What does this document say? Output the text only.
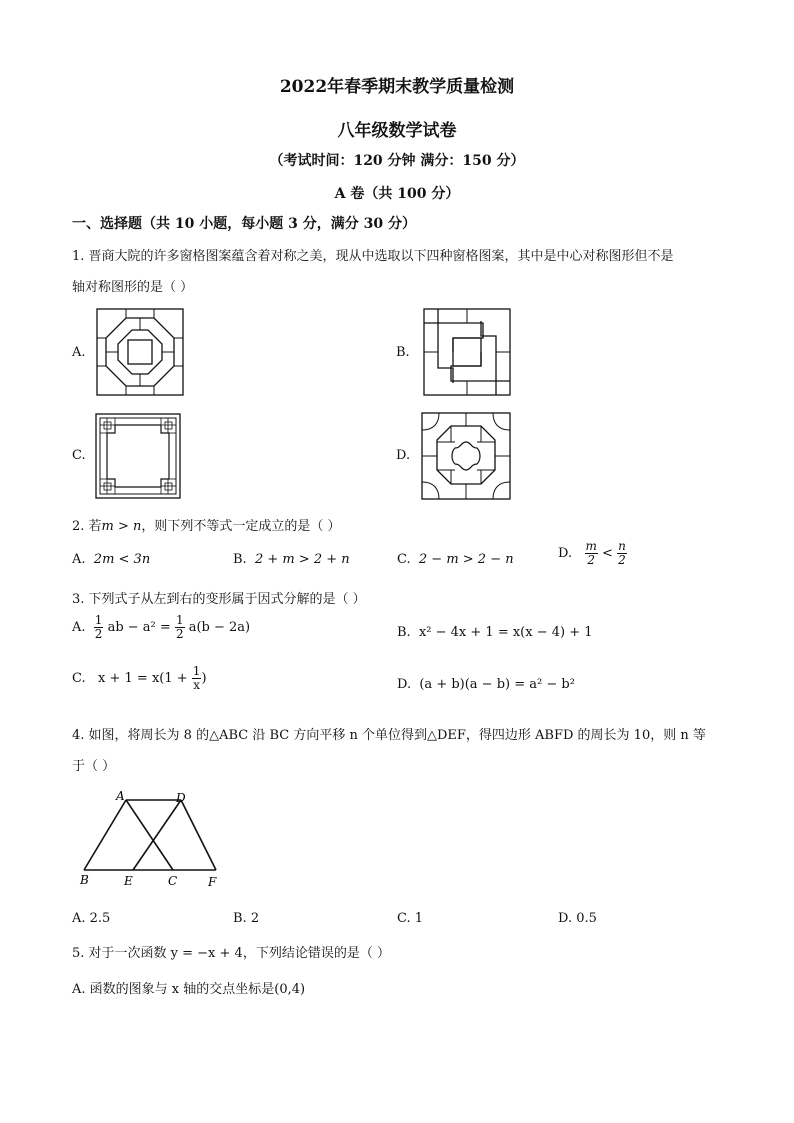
2022年春季期末教学质量检测
八年级数学试卷
（考试时间：120 分钟 满分：150 分）
A 卷（共 100 分）
一、选择题（共 10 小题，每小题 3 分，满分 30 分）
1. 晋商大院的许多窗格图案蕴含着对称之美，现从中选取以下四种窗格图案，其中是中心对称图形但不是
轴对称图形的是（ ）
A.	B.
C.	D.
2. 若m > n，则下列不等式一定成立的是（ ）
A. 2m < 3n	B. 2 + m > 2 + n	C. 2 − m > 2 − n	D. $\frac{m}{2} < \frac{n}{2}$
3. 下列式子从左到右的变形属于因式分解的是（ ）
A. $\frac{1}{2}$ ab − $a^2 = \frac{1}{2} a(b - 2a)$	B. x² − 4x + 1 = x(x − 4) + 1
C. $x + 1 = x(1 + \frac{1}{x}$ )	D. (a + b)(a − b) = a² − b²
4. 如图，将周长为 8 的△ABC 沿 BC 方向平移 n 个单位得到△DEF，得四边形 ABFD 的周长为 10，则 n 等
于（ ）
A	D
B	E	C	F
A. 2.5	B. 2	C. 1	D. 0.5
5. 对于一次函数 y = −x + 4，下列结论错误的是（ ）
A. 函数的图象与 x 轴的交点坐标是(0,4)
